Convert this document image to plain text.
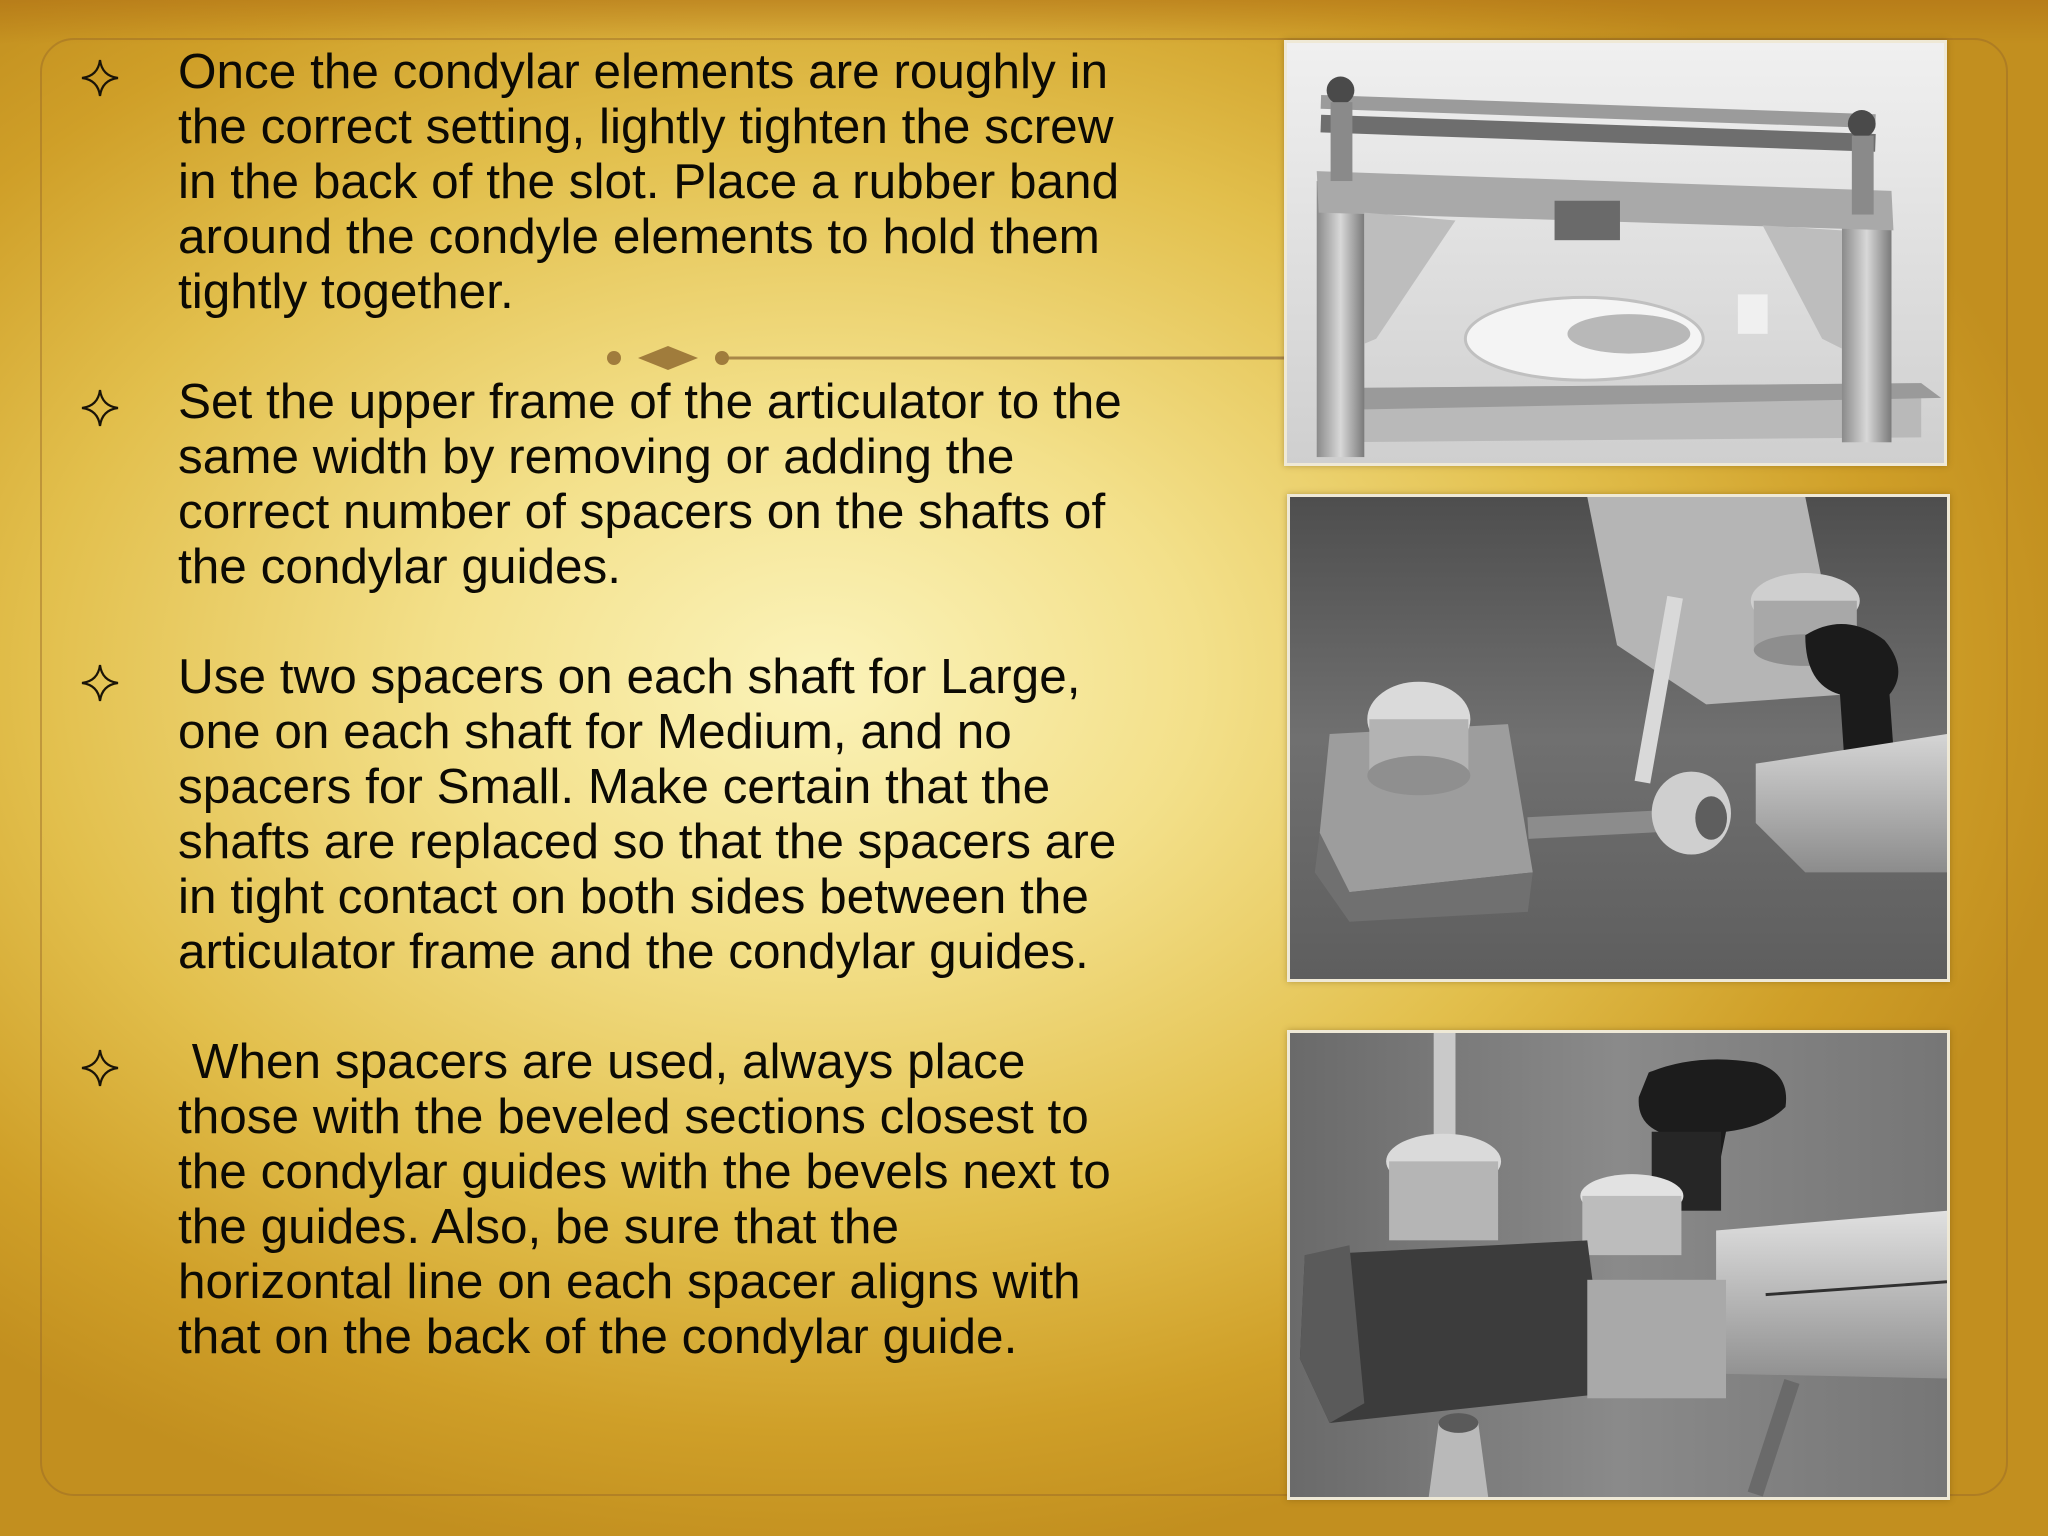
Once the condylar elements are roughly in
the correct setting, lightly tighten the screw
in the back of the slot. Place a rubber band
around the condyle elements to hold them
tightly together.
Set the upper frame of the articulator to the
same width by removing or adding the
correct number of spacers on the shafts of
the condylar guides.
Use two spacers on each shaft for Large,
one on each shaft for Medium, and no
spacers for Small. Make certain that the
shafts are replaced so that the spacers are
in tight contact on both sides between the
articulator frame and the condylar guides.
When spacers are used, always place
those with the beveled sections closest to
the condylar guides with the bevels next to
the guides. Also, be sure that the
horizontal line on each spacer aligns with
that on the back of the condylar guide.
